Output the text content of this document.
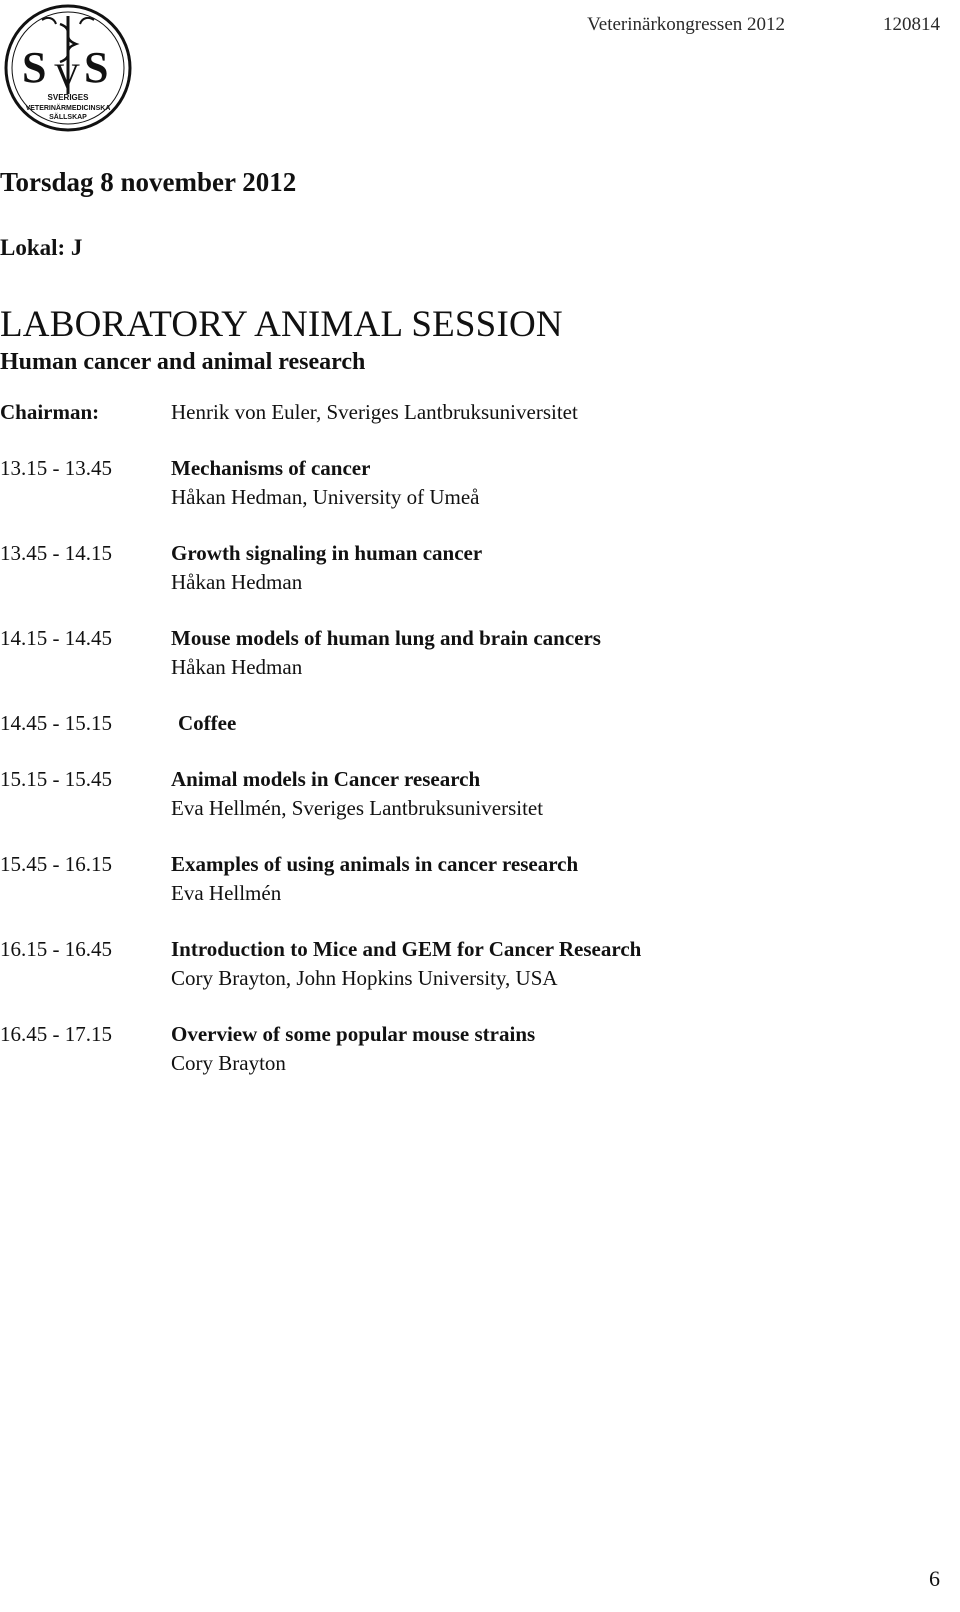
S V S
SVERIGES
VETERINÄRMEDICINSKA
SÄLLSKAP
Veterinärkongressen 2012	120814
Torsdag 8 november 2012
Lokal: J
LABORATORY ANIMAL SESSION
Human cancer and animal research
Chairman:	Henrik von Euler, Sveriges Lantbruksuniversitet
13.15 - 13.45	Mechanisms of cancer
Håkan Hedman, University of Umeå
13.45 - 14.15	Growth signaling in human cancer
Håkan Hedman
14.15 - 14.45	Mouse models of human lung and brain cancers
Håkan Hedman
14.45 - 15.15	Coffee
15.15 - 15.45	Animal models in Cancer research
Eva Hellmén, Sveriges Lantbruksuniversitet
15.45 - 16.15	Examples of using animals in cancer research
Eva Hellmén
16.15 - 16.45	Introduction to Mice and GEM for Cancer Research
Cory Brayton, John Hopkins University, USA
16.45 - 17.15	Overview of some popular mouse strains
Cory Brayton
6
